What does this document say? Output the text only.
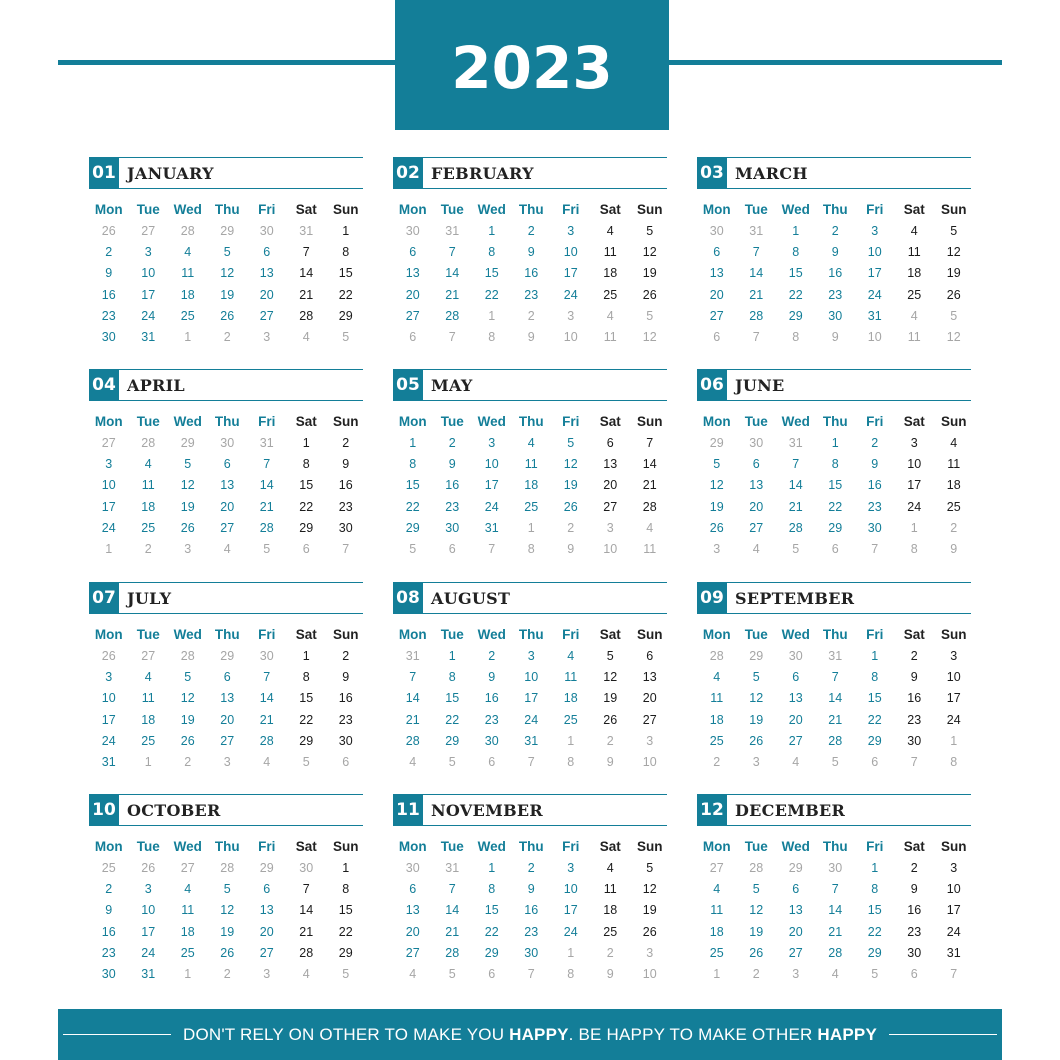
2023
01 JANUARY
Mon	Tue	Wed Thu	Fri	Sat	Sun
26	27	28	29	30	31	1
2	3	4	5	6	7	8
9	10	11	12	13	14	15
16	17	18	19	20	21	22
23	24	25	26	27	28	29
30	31	1	2	3	4	5
02 FEBRUARY
Mon	Tue	Wed Thu	Fri	Sat	Sun
30	31	1	2	3	4	5
6	7	8	9	10	11	12
13	14	15	16	17	18	19
20	21	22	23	24	25	26
27	28	1	2	3	4	5
6	7	8	9	10	11	12
03 MARCH
Mon	Tue	Wed Thu	Fri	Sat	Sun
30	31	1	2	3	4	5
6	7	8	9	10	11	12
13	14	15	16	17	18	19
20	21	22	23	24	25	26
27	28	29	30	31	4	5
6	7	8	9	10	11	12
04 APRIL
Mon	Tue	Wed Thu	Fri	Sat	Sun
27	28	29	30	31	1	2
3	4	5	6	7	8	9
10	11	12	13	14	15	16
17	18	19	20	21	22	23
24	25	26	27	28	29	30
1	2	3	4	5	6	7
05 MAY
Mon	Tue	Wed Thu	Fri	Sat	Sun
1	2	3	4	5	6	7
8	9	10	11	12	13	14
15	16	17	18	19	20	21
22	23	24	25	26	27	28
29	30	31	1	2	3	4
5	6	7	8	9	10	11
06 JUNE
Mon	Tue	Wed Thu	Fri	Sat	Sun
29	30	31	1	2	3	4
5	6	7	8	9	10	11
12	13	14	15	16	17	18
19	20	21	22	23	24	25
26	27	28	29	30	1	2
3	4	5	6	7	8	9
07 JULY
Mon	Tue	Wed Thu	Fri	Sat	Sun
26	27	28	29	30	1	2
3	4	5	6	7	8	9
10	11	12	13	14	15	16
17	18	19	20	21	22	23
24	25	26	27	28	29	30
31	1	2	3	4	5	6
08 AUGUST
Mon	Tue	Wed Thu	Fri	Sat	Sun
31	1	2	3	4	5	6
7	8	9	10	11	12	13
14	15	16	17	18	19	20
21	22	23	24	25	26	27
28	29	30	31	1	2	3
4	5	6	7	8	9	10
09 SEPTEMBER
Mon	Tue	Wed Thu	Fri	Sat	Sun
28	29	30	31	1	2	3
4	5	6	7	8	9	10
11	12	13	14	15	16	17
18	19	20	21	22	23	24
25	26	27	28	29	30	1
2	3	4	5	6	7	8
10 OCTOBER
Mon	Tue	Wed Thu	Fri	Sat	Sun
25	26	27	28	29	30	1
2	3	4	5	6	7	8
9	10	11	12	13	14	15
16	17	18	19	20	21	22
23	24	25	26	27	28	29
30	31	1	2	3	4	5
11 NOVEMBER
Mon	Tue	Wed Thu	Fri	Sat	Sun
30	31	1	2	3	4	5
6	7	8	9	10	11	12
13	14	15	16	17	18	19
20	21	22	23	24	25	26
27	28	29	30	1	2	3
4	5	6	7	8	9	10
12 DECEMBER
Mon	Tue	Wed Thu	Fri	Sat	Sun
27	28	29	30	1	2	3
4	5	6	7	8	9	10
11	12	13	14	15	16	17
18	19	20	21	22	23	24
25	26	27	28	29	30	31
1	2	3	4	5	6	7
DON'T RELY ON OTHER TO MAKE YOU HAPPY. BE HAPPY TO MAKE OTHER HAPPY
